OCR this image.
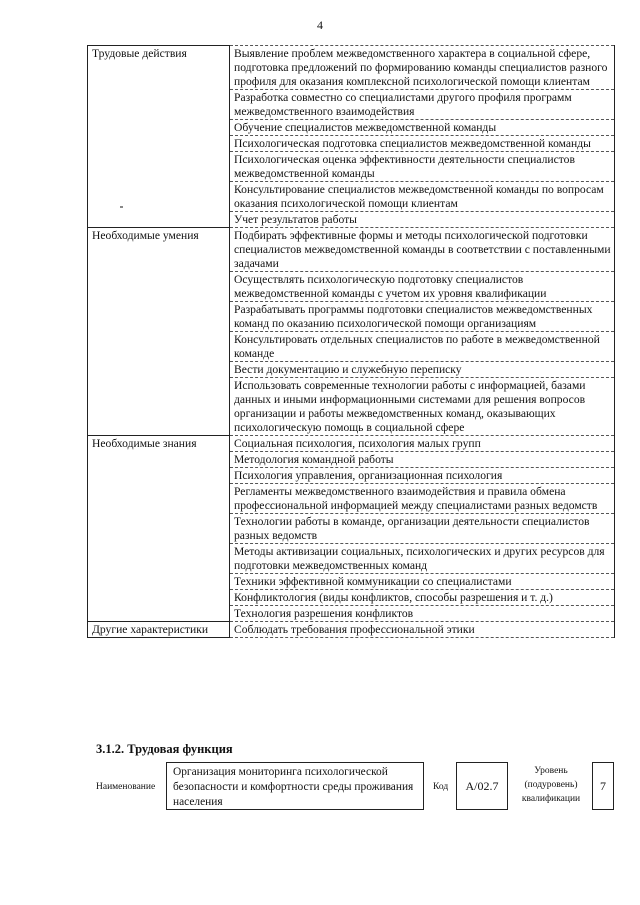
4
Трудовые действия	Выявление проблем межведомственного характера в социальной сфере, подготовка предложений по формированию команды специалистов разного профиля для оказания комплексной психологической помощи клиентам
	Разработка совместно со специалистами другого профиля программ межведомственного взаимодействия
	Обучение специалистов межведомственной команды
	Психологическая подготовка специалистов межведомственной команды
	Психологическая оценка эффективности деятельности специалистов межведомственной команды
	Консультирование специалистов межведомственной команды по вопросам оказания психологической помощи клиентам
	Учет результатов работы
Необходимые умения	Подбирать эффективные формы и методы психологической подготовки специалистов межведомственной команды в соответствии с поставленными задачами
	Осуществлять психологическую подготовку специалистов межведомственной команды с учетом их уровня квалификации
	Разрабатывать программы подготовки специалистов межведомственных команд по оказанию психологической помощи организациям
	Консультировать отдельных специалистов по работе в межведомственной команде
	Вести документацию и служебную переписку
	Использовать современные технологии работы с информацией, базами данных и иными информационными системами для решения вопросов организации и работы межведомственных команд, оказывающих психологическую помощь в социальной сфере
Необходимые знания	Социальная психология, психология малых групп
	Методология командной работы
	Психология управления, организационная психология
	Регламенты межведомственного взаимодействия и правила обмена профессиональной информацией между специалистами разных ведомств
	Технологии работы в команде, организации деятельности специалистов разных ведомств
	Методы активизации социальных, психологических и других ресурсов для подготовки межведомственных команд
	Техники эффективной коммуникации со специалистами
	Конфликтология (виды конфликтов, способы разрешения и т. д.)
	Технология разрешения конфликтов
Другие характеристики	Соблюдать требования профессиональной этики
3.1.2. Трудовая функция
Наименование
Организация мониторинга психологической безопасности и комфортности среды проживания населения
Код	А/02.7
Уровень
(подуровень)
квалификации
7
